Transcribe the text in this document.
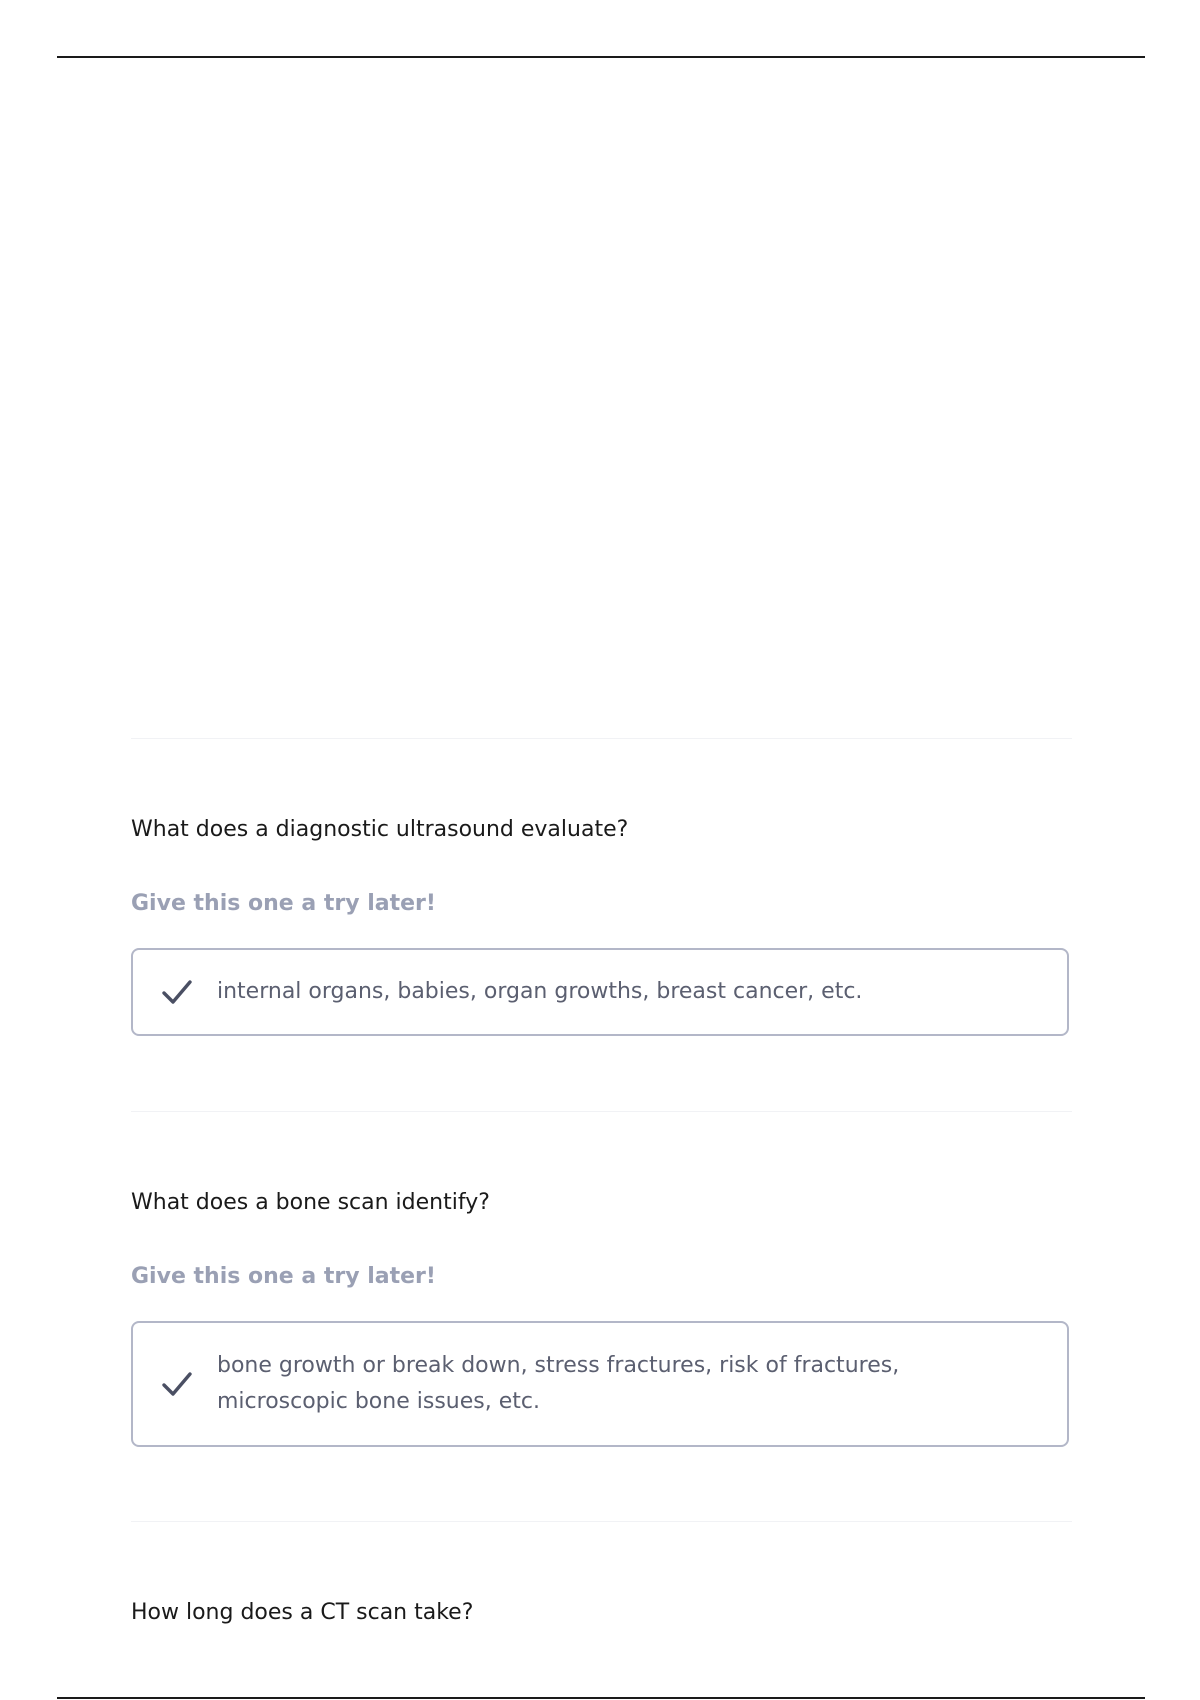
What does a diagnostic ultrasound evaluate?
Give this one a try later!
internal organs, babies, organ growths, breast cancer, etc.
What does a bone scan identify?
Give this one a try later!
bone growth or break down, stress fractures, risk of fractures, microscopic bone issues, etc.
How long does a CT scan take?
